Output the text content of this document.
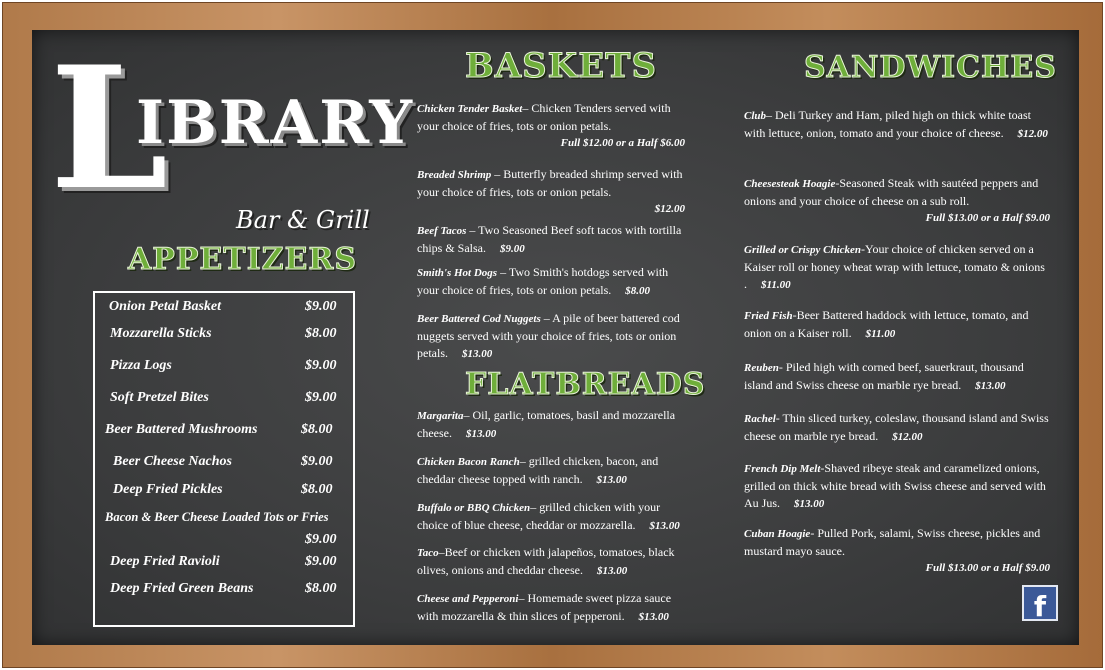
L
IBRARY
Bar & Grill
APPETIZERS
Onion Petal Basket	$9.00
Mozzarella Sticks	$8.00
Pizza Logs	$9.00
Soft Pretzel Bites	$9.00
Beer Battered Mushrooms	$8.00
Beer Cheese Nachos	$9.00
Deep Fried Pickles	$8.00
Bacon & Beer Cheese Loaded Tots or Fries
$9.00
Deep Fried Ravioli	$9.00
Deep Fried Green Beans	$8.00
BASKETS
Chicken Tender Basket– Chicken Tenders served with your choice of fries, tots or onion petals.
Full $12.00 or a Half $6.00
Breaded Shrimp – Butterfly breaded shrimp served with your choice of fries, tots or onion petals.
$12.00
Beef Tacos – Two Seasoned Beef soft tacos with tortilla chips & Salsa. $9.00
Smith's Hot Dogs – Two Smith's hotdogs served with your choice of fries, tots or onion petals. $8.00
Beer Battered Cod Nuggets – A pile of beer battered cod nuggets served with your choice of fries, tots or onion petals. $13.00
FLATBREADS
Margarita– Oil, garlic, tomatoes, basil and mozzarella cheese. $13.00
Chicken Bacon Ranch– grilled chicken, bacon, and cheddar cheese topped with ranch. $13.00
Buffalo or BBQ Chicken– grilled chicken with your choice of blue cheese, cheddar or mozzarella. $13.00
Taco–Beef or chicken with jalapeños, tomatoes, black olives, onions and cheddar cheese. $13.00
Cheese and Pepperoni– Homemade sweet pizza sauce with mozzarella & thin slices of pepperoni. $13.00
SANDWICHES
Club– Deli Turkey and Ham, piled high on thick white toast with lettuce, onion, tomato and your choice of cheese. $12.00
Cheesesteak Hoagie-Seasoned Steak with sautéed peppers and onions and your choice of cheese on a sub roll.
Full $13.00 or a Half $9.00
Grilled or Crispy Chicken-Your choice of chicken served on a Kaiser roll or honey wheat wrap with lettuce, tomato & onions . $11.00
Fried Fish-Beer Battered haddock with lettuce, tomato, and onion on a Kaiser roll. $11.00
Reuben- Piled high with corned beef, sauerkraut, thousand island and Swiss cheese on marble rye bread. $13.00
Rachel- Thin sliced turkey, coleslaw, thousand island and Swiss cheese on marble rye bread. $12.00
French Dip Melt-Shaved ribeye steak and caramelized onions, grilled on thick white bread with Swiss cheese and served with Au Jus. $13.00
Cuban Hoagie- Pulled Pork, salami, Swiss cheese, pickles and mustard mayo sauce.
Full $13.00 or a Half $9.00
f
